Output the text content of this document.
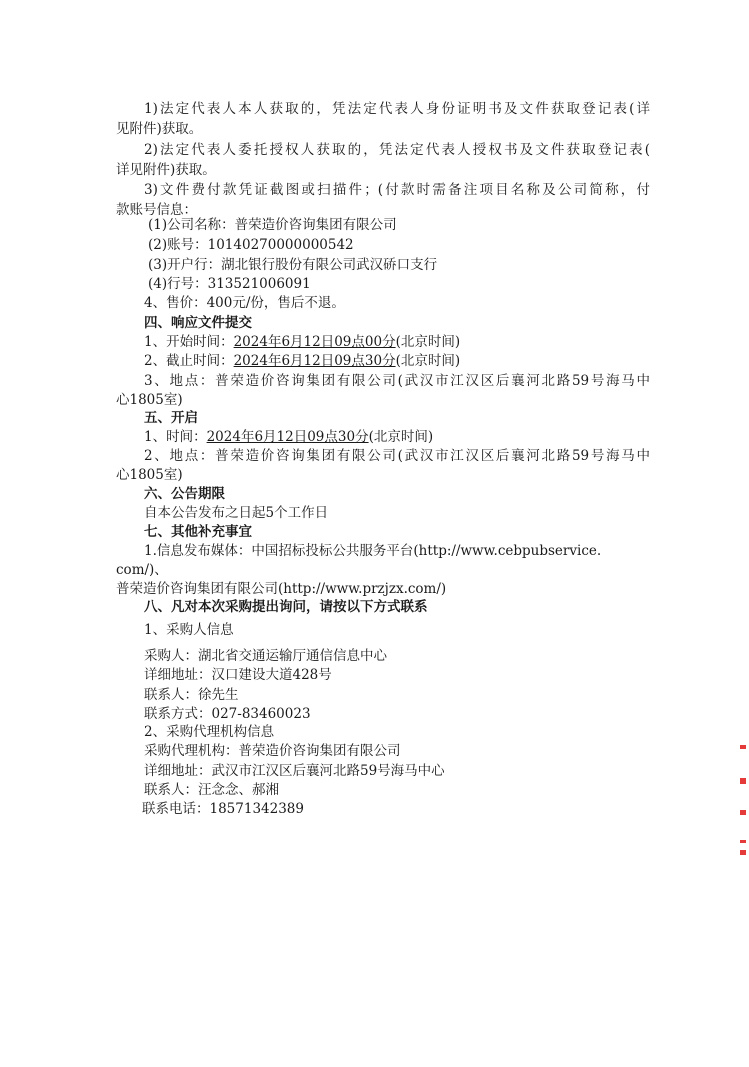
1)法定代表人本人获取的，凭法定代表人身份证明书及文件获取登记表(详
见附件)获取。
2)法定代表人委托授权人获取的，凭法定代表人授权书及文件获取登记表(
详见附件)获取。
3)文件费付款凭证截图或扫描件；(付款时需备注项目名称及公司简称，付
款账号信息：
(1)公司名称：普荣造价咨询集团有限公司
(2)账号：10140270000000542
(3)开户行：湖北银行股份有限公司武汉硚口支行
(4)行号：313521006091
4、售价：400元/份，售后不退。
四、响应文件提交
1、开始时间：2024年6月12日09点00分(北京时间)
2、截止时间：2024年6月12日09点30分(北京时间)
3、地点：普荣造价咨询集团有限公司(武汉市江汉区后襄河北路59号海马中
心1805室)
五、开启
1、时间：2024年6月12日09点30分(北京时间)
2、地点：普荣造价咨询集团有限公司(武汉市江汉区后襄河北路59号海马中
心1805室)
六、公告期限
自本公告发布之日起5个工作日
七、其他补充事宜
1.信息发布媒体：中国招标投标公共服务平台(http://www.cebpubservice.
com/)、
普荣造价咨询集团有限公司(http://www.przjzx.com/)
八、凡对本次采购提出询问，请按以下方式联系
1、采购人信息
采购人：湖北省交通运输厅通信信息中心
详细地址：汉口建设大道428号
联系人：徐先生
联系方式：027-83460023
2、采购代理机构信息
采购代理机构：普荣造价咨询集团有限公司
详细地址：武汉市江汉区后襄河北路59号海马中心
联系人：汪念念、郝湘
联系电话：18571342389
